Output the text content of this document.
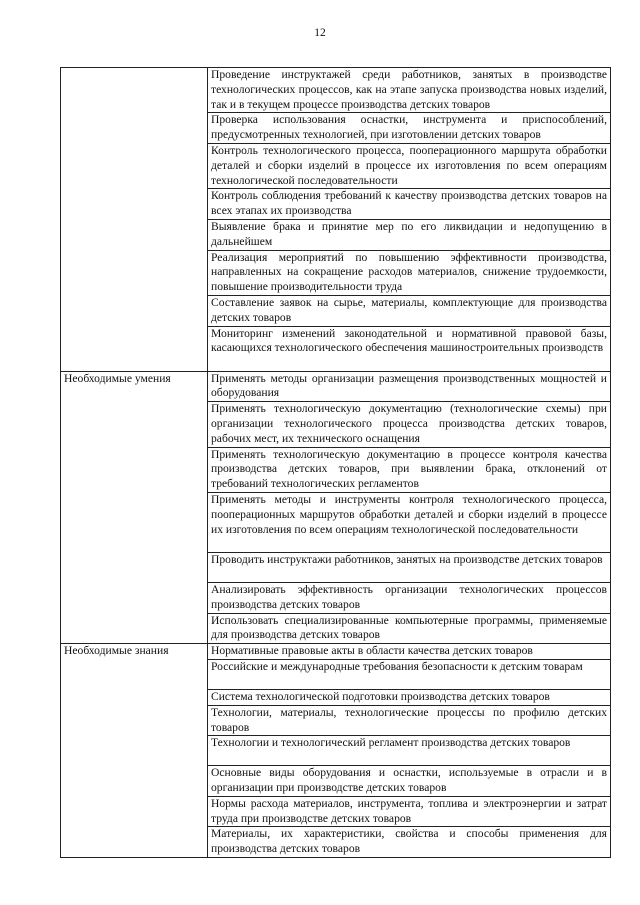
12
	Проведение инструктажей среди работников, занятых в производстве технологических процессов, как на этапе запуска производства новых изделий, так и в текущем процессе производства детских товаров
	Проверка использования оснастки, инструмента и приспособлений, предусмотренных технологией, при изготовлении детских товаров
	Контроль технологического процесса, пооперационного маршрута обработки деталей и сборки изделий в процессе их изготовления по всем операциям технологической последовательности
	Контроль соблюдения требований к качеству производства детских товаров на всех этапах их производства
	Выявление брака и принятие мер по его ликвидации и недопущению в дальнейшем
	Реализация мероприятий по повышению эффективности производства, направленных на сокращение расходов материалов, снижение трудоемкости, повышение производительности труда
	Составление заявок на сырье, материалы, комплектующие для производства детских товаров
	Мониторинг изменений законодательной и нормативной правовой базы, касающихся технологического обеспечения машиностроительных производств
Необходимые умения	Применять методы организации размещения производственных мощностей и оборудования
	Применять технологическую документацию (технологические схемы) при организации технологического процесса производства детских товаров, рабочих мест, их технического оснащения
	Применять технологическую документацию в процессе контроля качества производства детских товаров, при выявлении брака, отклонений от требований технологических регламентов
	Применять методы и инструменты контроля технологического процесса, пооперационных маршрутов обработки деталей и сборки изделий в процессе их изготовления по всем операциям технологической последовательности
	Проводить инструктажи работников, занятых на производстве детских товаров
	Анализировать эффективность организации технологических процессов производства детских товаров
	Использовать специализированные компьютерные программы, применяемые для производства детских товаров
Необходимые знания	Нормативные правовые акты в области качества детских товаров
	Российские и международные требования безопасности к детским товарам
	Система технологической подготовки производства детских товаров
	Технологии, материалы, технологические процессы по профилю детских товаров
	Технологии и технологический регламент производства детских товаров
	Основные виды оборудования и оснастки, используемые в отрасли и в организации при производстве детских товаров
	Нормы расхода материалов, инструмента, топлива и электроэнергии и затрат труда при производстве детских товаров
	Материалы, их характеристики, свойства и способы применения для производства детских товаров
